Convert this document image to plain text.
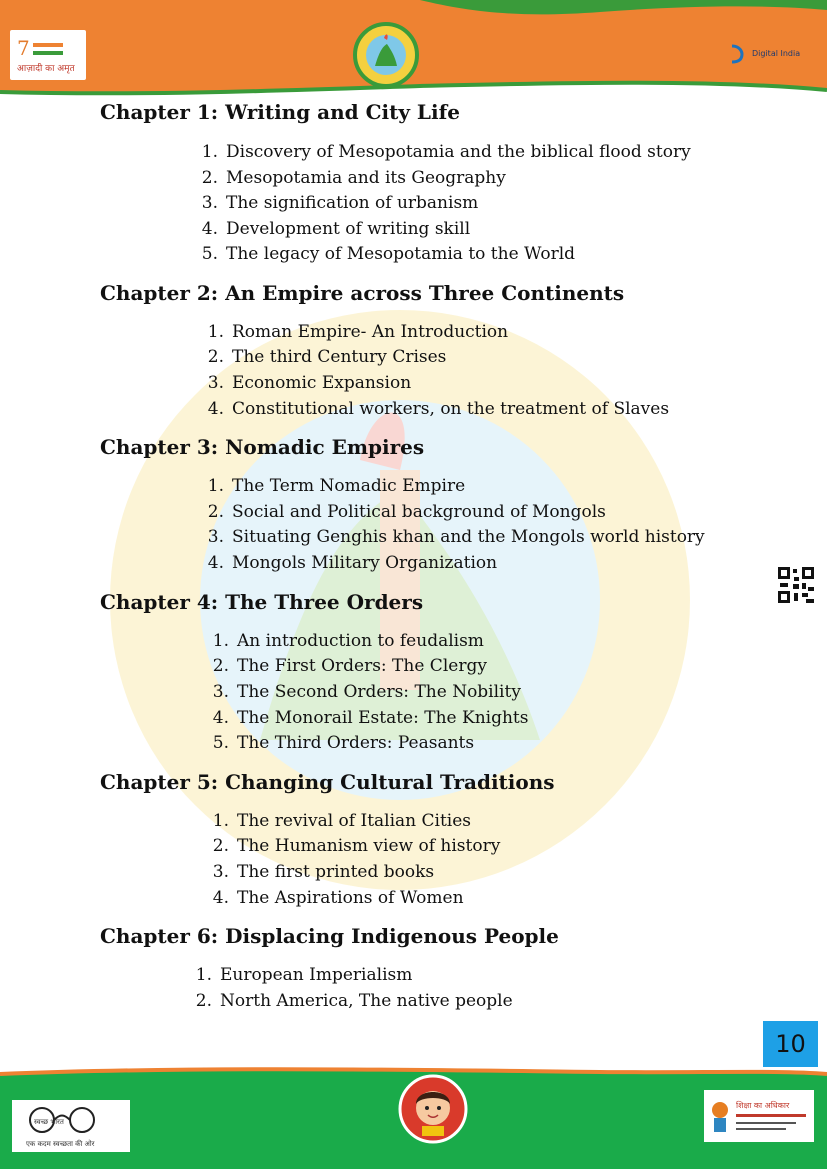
7
आज़ादी का अमृत
Digital India
Chapter 1: Writing and City Life
1. Discovery of Mesopotamia and the biblical flood story
2. Mesopotamia and its Geography
3. The signification of urbanism
4. Development of writing skill
5. The legacy of Mesopotamia to the World
Chapter 2: An Empire across Three Continents
1. Roman Empire- An Introduction
2. The third Century Crises
3. Economic Expansion
4. Constitutional workers, on the treatment of Slaves
Chapter 3: Nomadic Empires
1. The Term Nomadic Empire
2. Social and Political background of Mongols
3. Situating Genghis khan and the Mongols world history
4. Mongols Military Organization
Chapter 4: The Three Orders
1. An introduction to feudalism
2. The First Orders: The Clergy
3. The Second Orders: The Nobility
4. The Monorail Estate: The Knights
5. The Third Orders: Peasants
Chapter 5: Changing Cultural Traditions
1. The revival of Italian Cities
2. The Humanism view of history
3. The first printed books
4. The Aspirations of Women
Chapter 6: Displacing Indigenous People
1. European Imperialism
2. North America, The native people
10
स्वच्छ भारत
एक कदम स्वच्छता की ओर
शिक्षा का अधिकार
